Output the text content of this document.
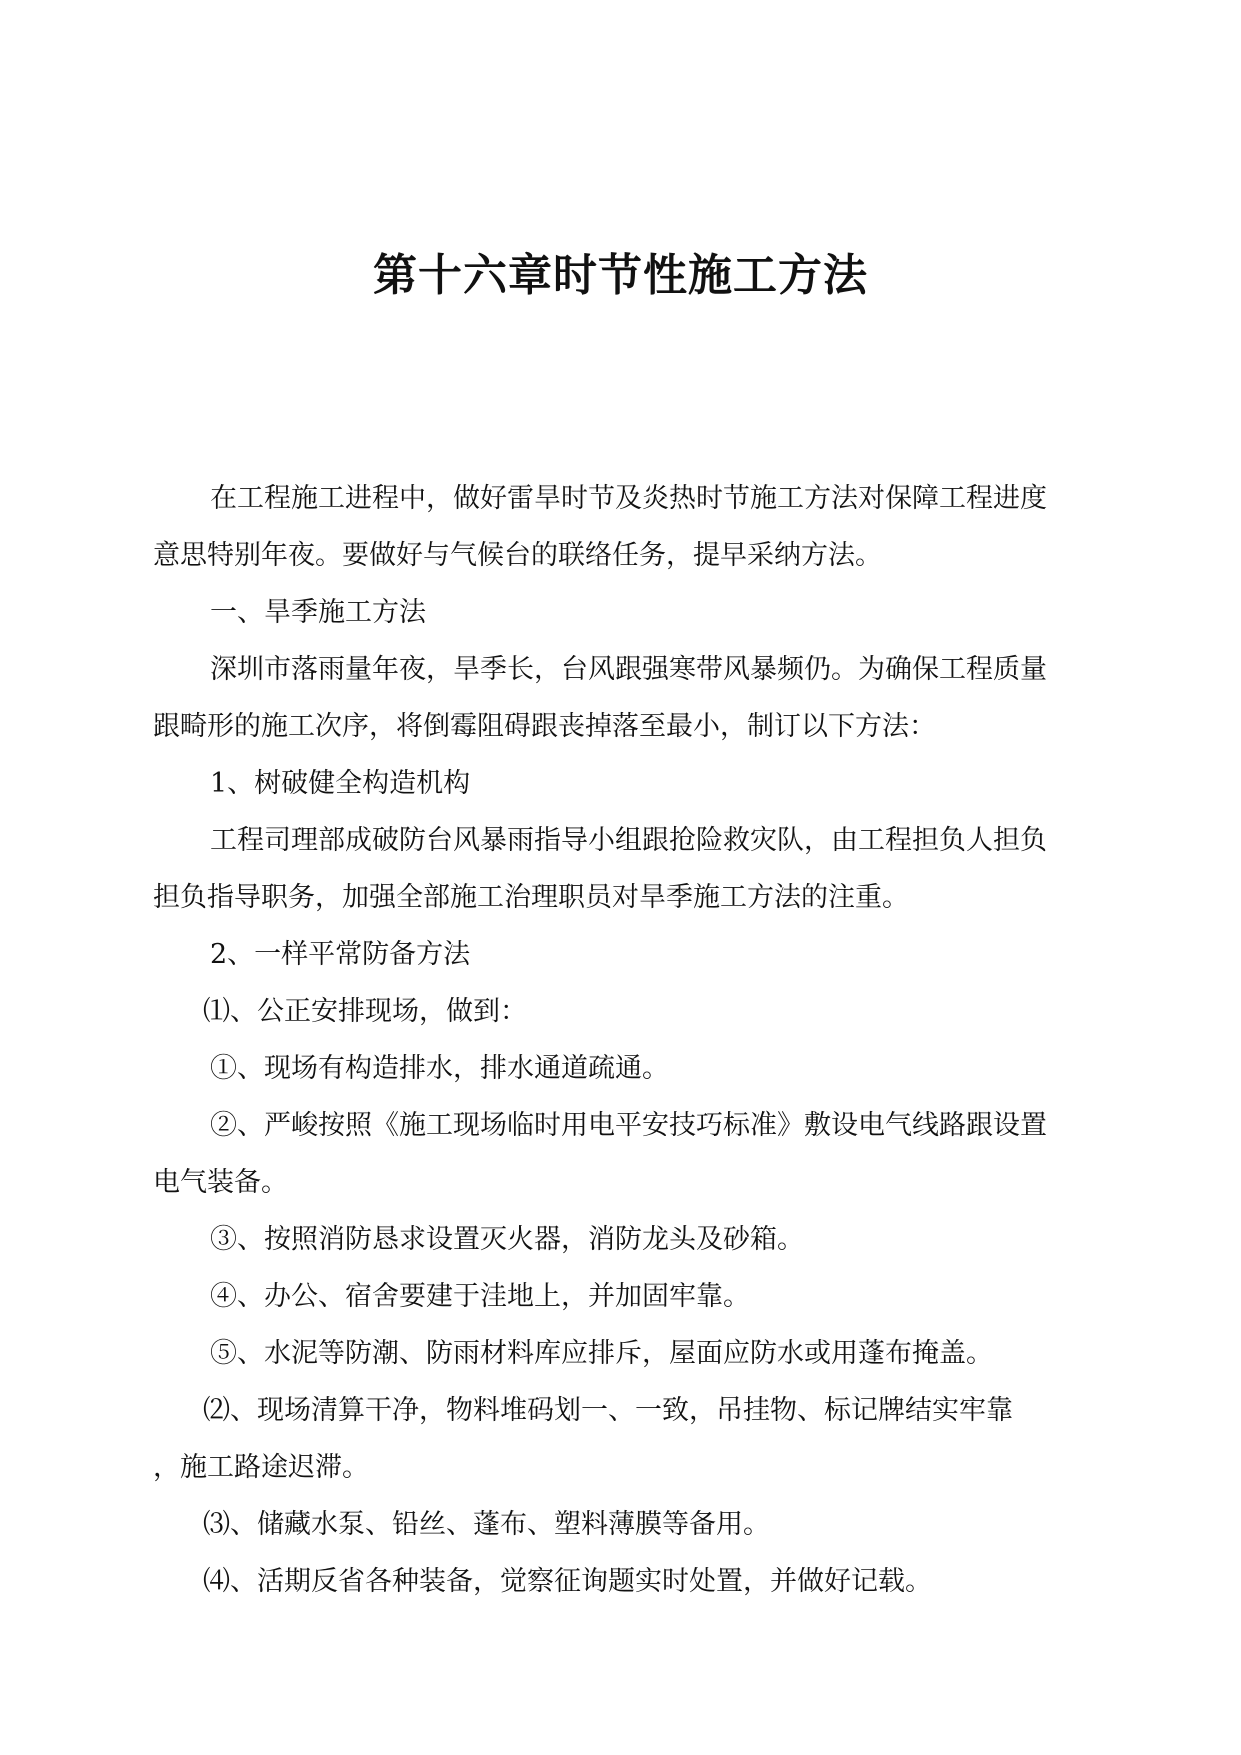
第十六章时节性施工方法
在工程施工进程中，做好雷旱时节及炎热时节施工方法对保障工程进度
意思特别年夜。要做好与气候台的联络任务，提早采纳方法。
一、旱季施工方法
深圳市落雨量年夜，旱季长，台风跟强寒带风暴频仍。为确保工程质量
跟畸形的施工次序，将倒霉阻碍跟丧掉落至最小，制订以下方法：
1、树破健全构造机构
工程司理部成破防台风暴雨指导小组跟抢险救灾队，由工程担负人担负
担负指导职务，加强全部施工治理职员对旱季施工方法的注重。
2、一样平常防备方法
⑴、公正安排现场，做到：
①、现场有构造排水，排水通道疏通。
②、严峻按照《施工现场临时用电平安技巧标准》敷设电气线路跟设置
电气装备。
③、按照消防恳求设置灭火器，消防龙头及砂箱。
④、办公、宿舍要建于洼地上，并加固牢靠。
⑤、水泥等防潮、防雨材料库应排斥，屋面应防水或用蓬布掩盖。
⑵、现场清算干净，物料堆码划一、一致，吊挂物、标记牌结实牢靠
，施工路途迟滞。
⑶、储藏水泵、铅丝、蓬布、塑料薄膜等备用。
⑷、活期反省各种装备，觉察征询题实时处置，并做好记载。
